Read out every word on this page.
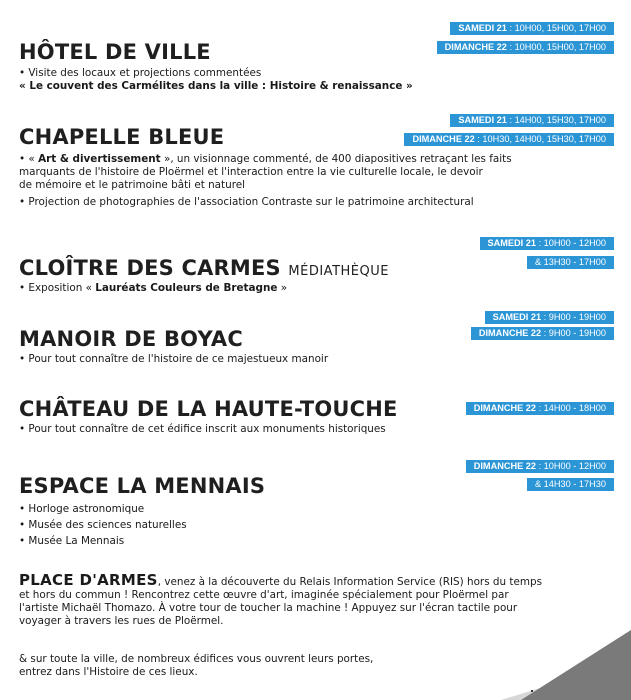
SAMEDI 21 : 10H00, 15H00, 17H00
DIMANCHE 22 : 10H00, 15H00, 17H00
HÔTEL DE VILLE
• Visite des locaux et projections commentées
« Le couvent des Carmélites dans la ville : Histoire & renaissance »
SAMEDI 21 : 14H00, 15H30, 17H00
DIMANCHE 22 : 10H30, 14H00, 15H30, 17H00
CHAPELLE BLEUE
• « Art & divertissement », un visionnage commenté, de 400 diapositives retraçant les faits
marquants de l'histoire de Ploërmel et l'interaction entre la vie culturelle locale, le devoir
de mémoire et le patrimoine bâti et naturel
• Projection de photographies de l'association Contraste sur le patrimoine architectural
SAMEDI 21 : 10H00 - 12H00
& 13H30 - 17H00
CLOÎTRE DES CARMES MÉDIATHÈQUE
• Exposition « Lauréats Couleurs de Bretagne »
SAMEDI 21 : 9H00 - 19H00
DIMANCHE 22 : 9H00 - 19H00
MANOIR DE BOYAC
• Pour tout connaître de l'histoire de ce majestueux manoir
DIMANCHE 22 : 14H00 - 18H00
CHÂTEAU DE LA HAUTE-TOUCHE
• Pour tout connaître de cet édifice inscrit aux monuments historiques
DIMANCHE 22 : 10H00 - 12H00
& 14H30 - 17H30
ESPACE LA MENNAIS
• Horloge astronomique
• Musée des sciences naturelles
• Musée La Mennais
PLACE D'ARMES, venez à la découverte du Relais Information Service (RIS) hors du temps
et hors du commun ! Rencontrez cette œuvre d'art, imaginée spécialement pour Ploërmel par
l'artiste Michaël Thomazo. À votre tour de toucher la machine ! Appuyez sur l'écran tactile pour
voyager à travers les rues de Ploërmel.
& sur toute la ville, de nombreux édifices vous ouvrent leurs portes,
entrez dans l'Histoire de ces lieux.
